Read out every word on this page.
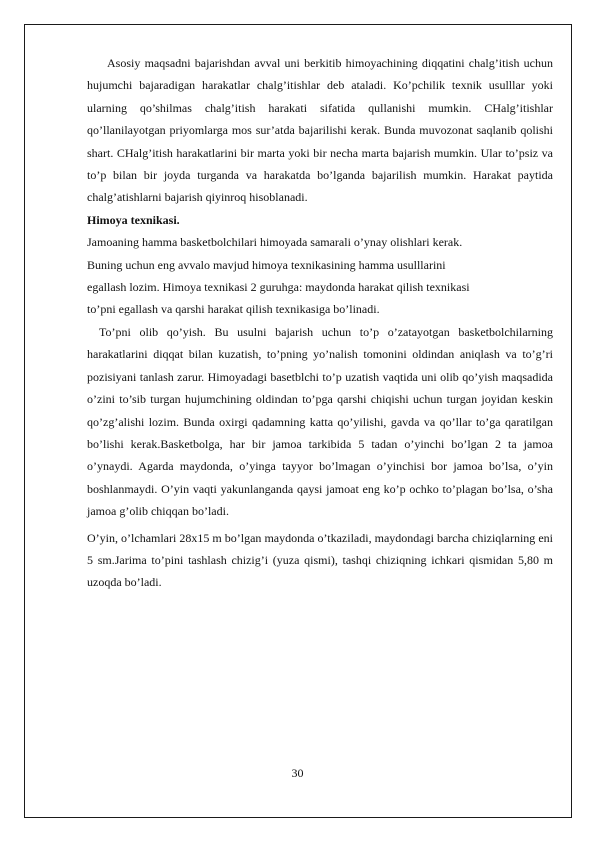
Asosiy maqsadni bajarishdan avval uni berkitib himoyachining diqqatini chalg’itish uchun hujumchi bajaradigan harakatlar chalg’itishlar deb ataladi. Ko’pchilik texnik usulllar yoki ularning qo’shilmas chalg’itish harakati sifatida qullanishi mumkin. CHalg’itishlar qo’llanilayotgan priyomlarga mos sur’atda bajarilishi kerak. Bunda muvozonat saqlanib qolishi shart. CHalg’itish harakatlarini bir marta yoki bir necha marta bajarish mumkin. Ular to’psiz va to’p bilan bir joyda turganda va harakatda bo’lganda bajarilish mumkin. Harakat paytida chalg’atishlarni bajarish qiyinroq hisoblanadi.

Himoya texnikasi.

Jamoaning hamma basketbolchilari himoyada samarali o’ynay olishlari kerak.

Buning uchun eng avvalo mavjud himoya texnikasining hamma usulllarini

egallash lozim. Himoya texnikasi 2 guruhga: maydonda harakat qilish texnikasi

to’pni egallash va qarshi harakat qilish texnikasiga bo’linadi.

To’pni olib qo’yish. Bu usulni bajarish uchun to’p o’zatayotgan basketbolchilarning harakatlarini diqqat bilan kuzatish, to’pning yo’nalish tomonini oldindan aniqlash va to’g’ri pozisiyani tanlash zarur. Himoyadagi basetblchi to’p uzatish vaqtida uni olib qo’yish maqsadida o’zini to’sib turgan hujumchining oldindan to’pga qarshi chiqishi uchun turgan joyidan keskin qo’zg’alishi lozim. Bunda oxirgi qadamning katta qo’yilishi, gavda va qo’llar to’ga qaratilgan bo’lishi kerak.Basketbolga, har bir jamoa tarkibida 5 tadan o’yinchi bo’lgan 2 ta jamoa o’ynaydi. Agarda maydonda, o’yinga tayyor bo’lmagan o’yinchisi bor jamoa bo’lsa, o’yin boshlanmaydi. O’yin vaqti yakunlanganda qaysi jamoat eng ko’p ochko to’plagan bo’lsa, o’sha jamoa g’olib chiqqan bo’ladi.

O’yin, o’lchamlari 28x15 m bo’lgan maydonda o’tkaziladi, maydondagi barcha chiziqlarning eni 5 sm.Jarima to’pini tashlash chizig’i (yuza qismi), tashqi chiziqning ichkari qismidan 5,80 m uzoqda bo’ladi.

30
